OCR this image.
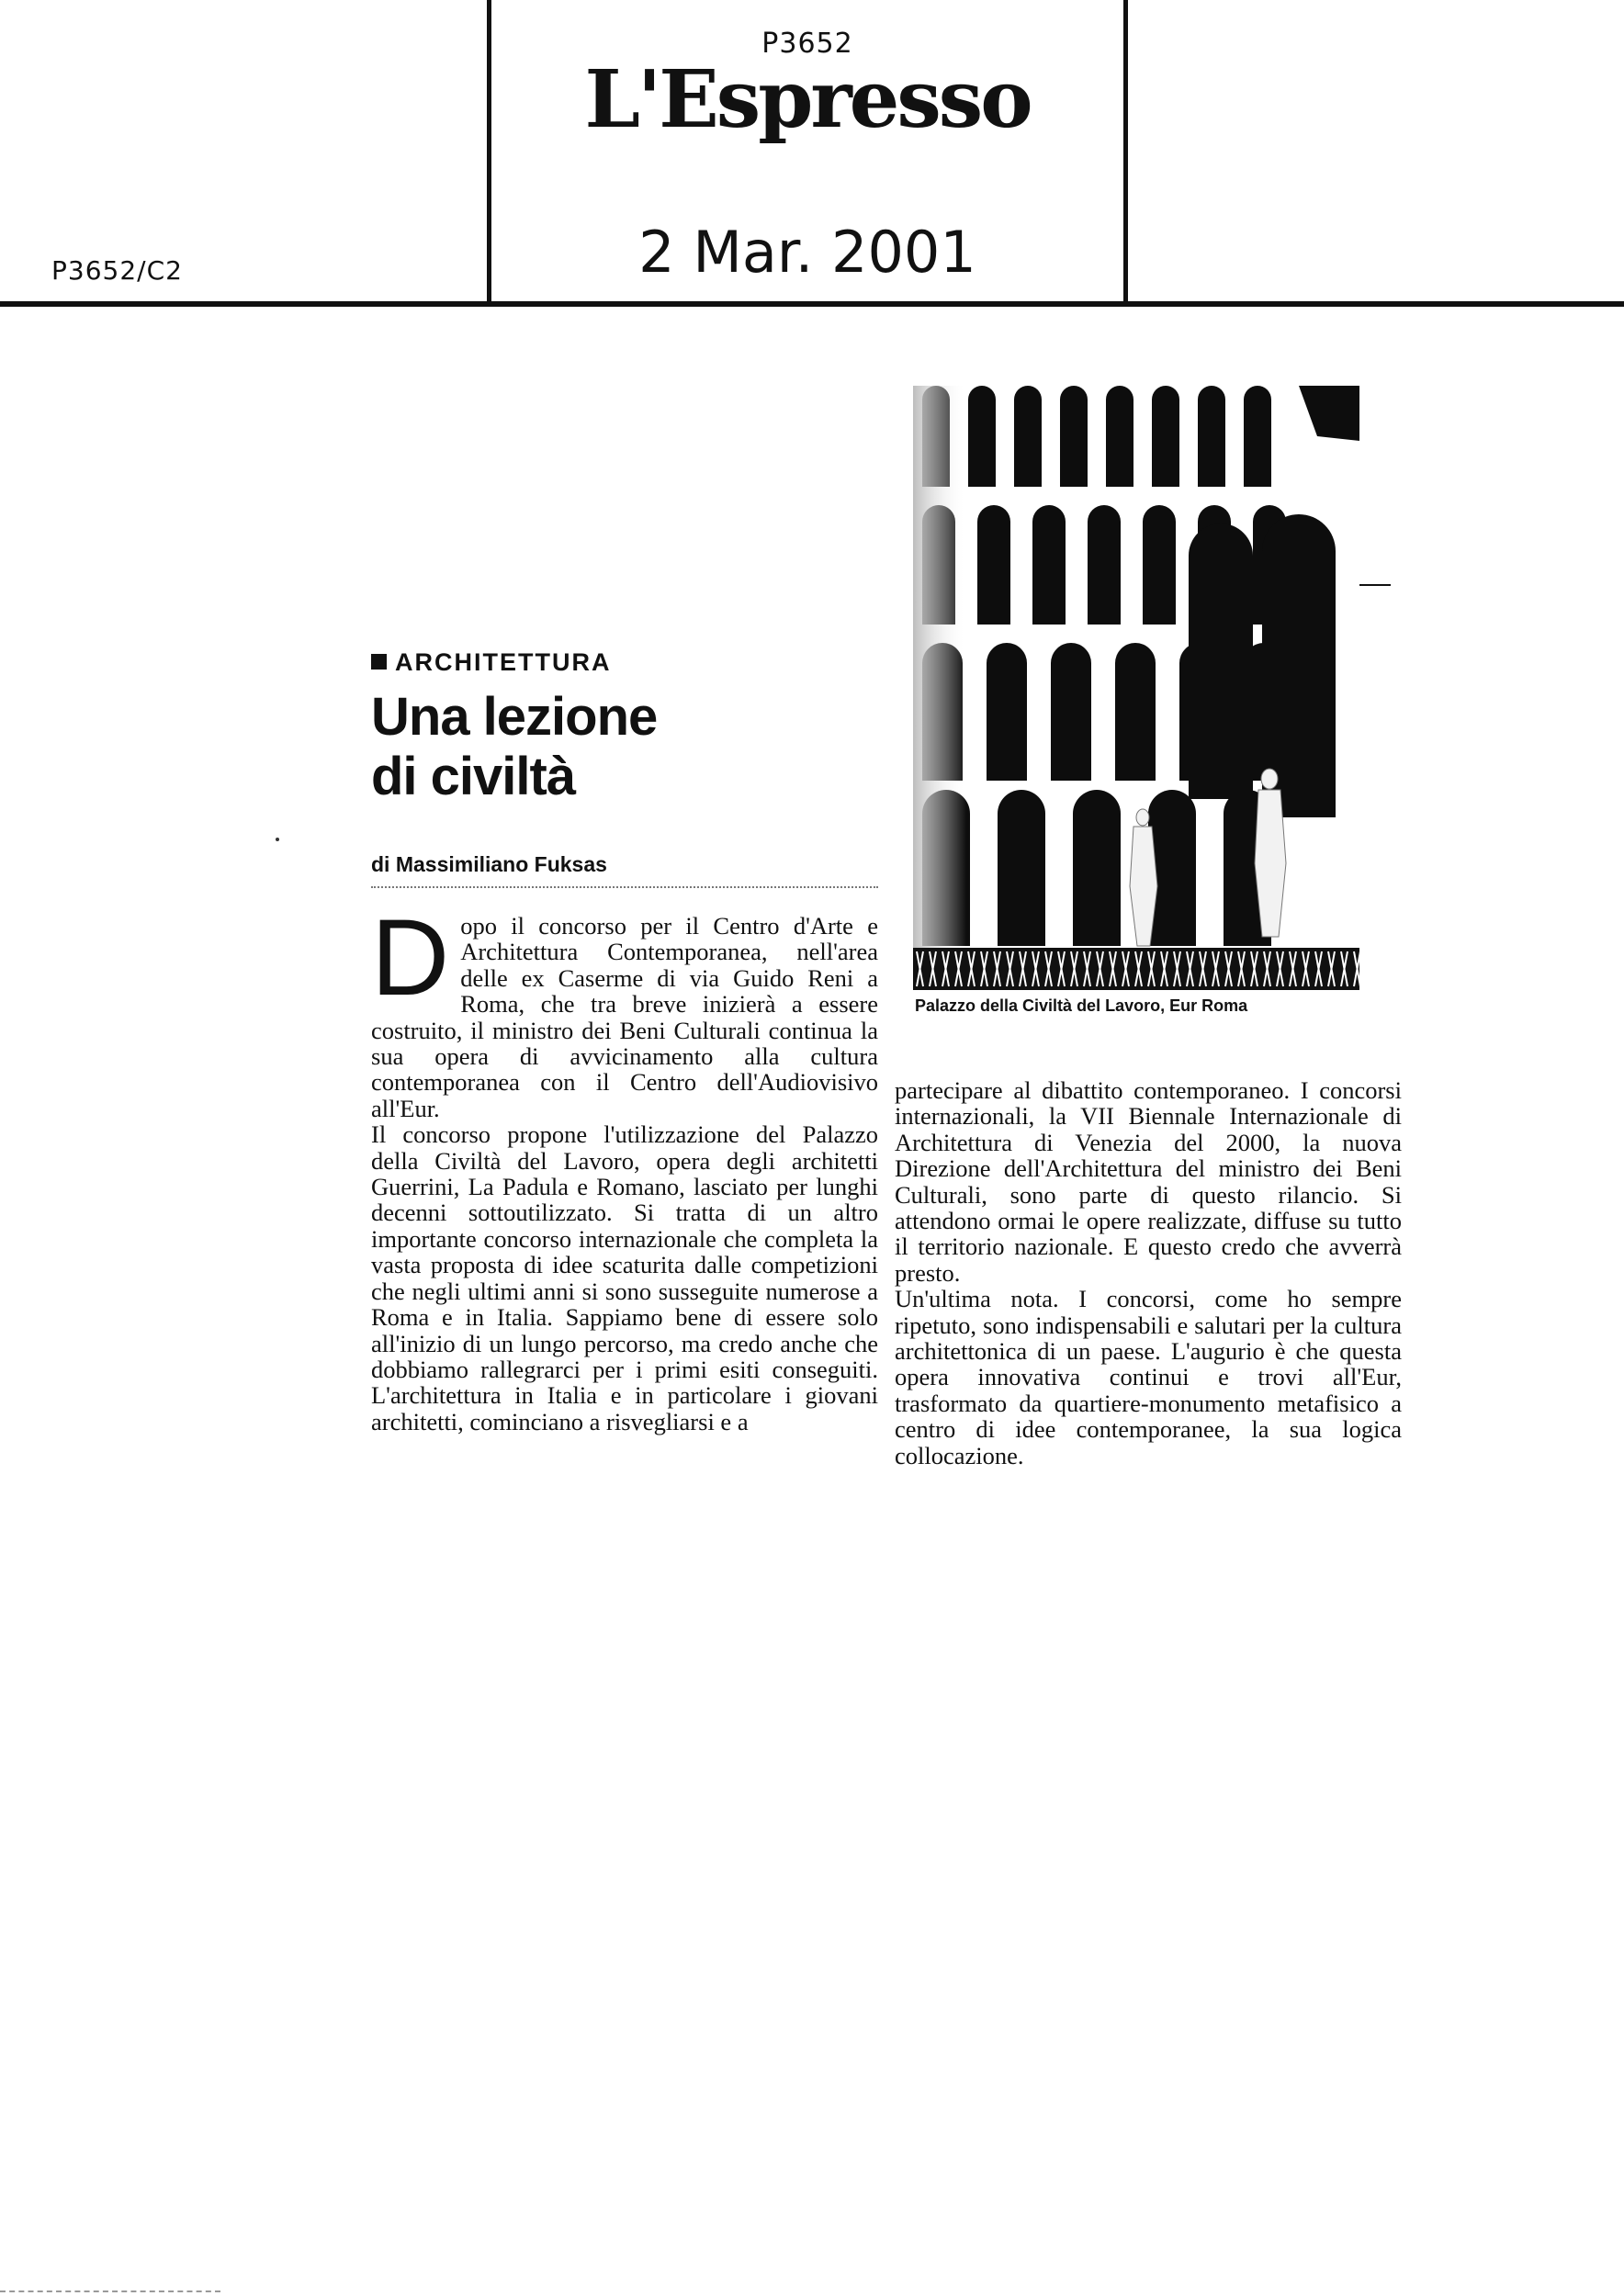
P3652
L'Espresso
2 Mar. 2001
P3652/C2
ARCHITETTURA
Una lezione
di civiltà
di Massimiliano Fuksas

Dopo il concorso per il Centro d'Arte e Architettura Contemporanea, nell'area delle ex Caserme di via Guido Reni a Roma, che tra breve inizierà a essere costruito, il ministro dei Beni Culturali continua la sua opera di avvicinamento alla cultura contemporanea con il Centro dell'Audiovisivo all'Eur.

Il concorso propone l'utilizzazione del Palazzo della Civiltà del Lavoro, opera degli architetti Guerrini, La Padula e Romano, lasciato per lunghi decenni sottoutilizzato. Si tratta di un altro importante concorso internazionale che completa la vasta proposta di idee scaturita dalle competizioni che negli ultimi anni si sono susseguite numerose a Roma e in Italia. Sappiamo bene di essere solo all'inizio di un lungo percorso, ma credo anche che dobbiamo rallegrarci per i primi esiti conseguiti. L'architettura in Italia e in particolare i giovani architetti, cominciano a risvegliarsi e a

Palazzo della Civiltà del Lavoro, Eur Roma

partecipare al dibattito contemporaneo. I concorsi internazionali, la VII Biennale Internazionale di Architettura di Venezia del 2000, la nuova Direzione dell'Architettura del ministro dei Beni Culturali, sono parte di questo rilancio. Si attendono ormai le opere realizzate, diffuse su tutto il territorio nazionale. E questo credo che avverrà presto.

Un'ultima nota. I concorsi, come ho sempre ripetuto, sono indispensabili e salutari per la cultura architettonica di un paese. L'augurio è che questa opera innovativa continui e trovi all'Eur, trasformato da quartiere-monumento metafisico a centro di idee contemporanee, la sua logica collocazione.
